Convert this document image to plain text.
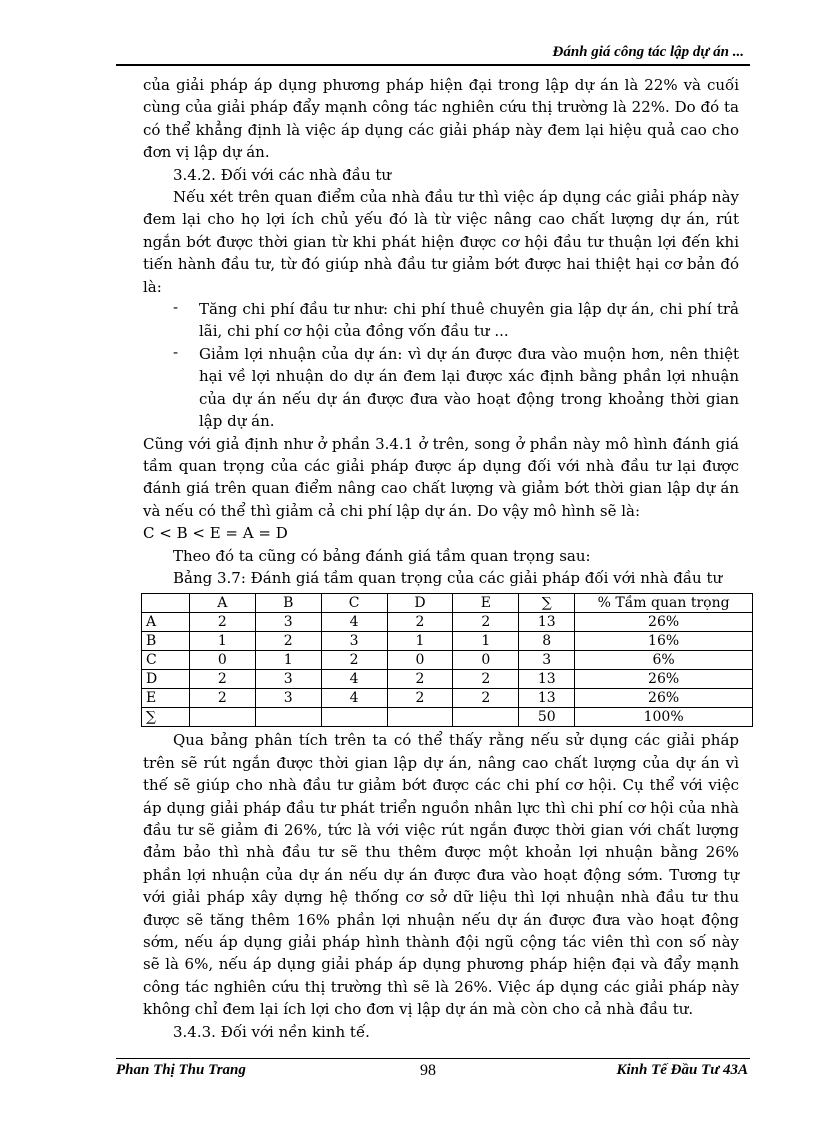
Đánh giá công tác lập dự án ...

của giải pháp áp dụng phương pháp hiện đại trong lập dự án là 22% và cuối cùng của giải pháp đẩy mạnh công tác nghiên cứu thị trường là 22%. Do đó ta có thể khẳng định là việc áp dụng các giải pháp này đem lại hiệu quả cao cho đơn vị lập dự án.

3.4.2. Đối với các nhà đầu tư

Nếu xét trên quan điểm của nhà đầu tư thì việc áp dụng các giải pháp này đem lại cho họ lợi ích chủ yếu đó là từ việc nâng cao chất lượng dự án, rút ngắn bớt được thời gian từ khi phát hiện được cơ hội đầu tư thuận lợi đến khi tiến hành đầu tư, từ đó giúp nhà đầu tư giảm bớt được hai thiệt hại cơ bản đó là:

- Tăng chi phí đầu tư như: chi phí thuê chuyên gia lập dự án, chi phí trả lãi, chi phí cơ hội của đồng vốn đầu tư ...
- Giảm lợi nhuận của dự án: vì dự án được đưa vào muộn hơn, nên thiệt hại về lợi nhuận do dự án đem lại được xác định bằng phần lợi nhuận của dự án nếu dự án được đưa vào hoạt động trong khoảng thời gian lập dự án.

Cũng với giả định như ở phần 3.4.1 ở trên, song ở phần này mô hình đánh giá tầm quan trọng của các giải pháp được áp dụng đối với nhà đầu tư lại được đánh giá trên quan điểm nâng cao chất lượng và giảm bớt thời gian lập dự án và nếu có thể thì giảm cả chi phí lập dự án. Do vậy mô hình sẽ là:

C < B < E = A = D

Theo đó ta cũng có bảng đánh giá tầm quan trọng sau:

Bảng 3.7: Đánh giá tầm quan trọng của các giải pháp đối với nhà đầu tư

	A	B	C	D	E	∑	% Tầm quan trọng
A	2	3	4	2	2	13	26%
B	1	2	3	1	1	8	16%
C	0	1	2	0	0	3	6%
D	2	3	4	2	2	13	26%
E	2	3	4	2	2	13	26%
∑						50	100%

Qua bảng phân tích trên ta có thể thấy rằng nếu sử dụng các giải pháp trên sẽ rút ngắn được thời gian lập dự án, nâng cao chất lượng của dự án vì thế sẽ giúp cho nhà đầu tư giảm bớt được các chi phí cơ hội. Cụ thể với việc áp dụng giải pháp đầu tư phát triển nguồn nhân lực thì chi phí cơ hội của nhà đầu tư sẽ giảm đi 26%, tức là với việc rút ngắn được thời gian với chất lượng đảm bảo thì nhà đầu tư sẽ thu thêm được một khoản lợi nhuận bằng 26% phần lợi nhuận của dự án nếu dự án được đưa vào hoạt động sớm. Tương tự với giải pháp xây dựng hệ thống cơ sở dữ liệu thì lợi nhuận nhà đầu tư thu được sẽ tăng thêm 16% phần lợi nhuận nếu dự án được đưa vào hoạt động sớm, nếu áp dụng giải pháp hình thành đội ngũ cộng tác viên thì con số này sẽ là 6%, nếu áp dụng giải pháp áp dụng phương pháp hiện đại và đẩy mạnh công tác nghiên cứu thị trường thì sẽ là 26%. Việc áp dụng các giải pháp này không chỉ đem lại ích lợi cho đơn vị lập dự án mà còn cho cả nhà đầu tư.

3.4.3. Đối với nền kinh tế.

Phan Thị Thu Trang	98	Kinh Tế Đầu Tư 43A
